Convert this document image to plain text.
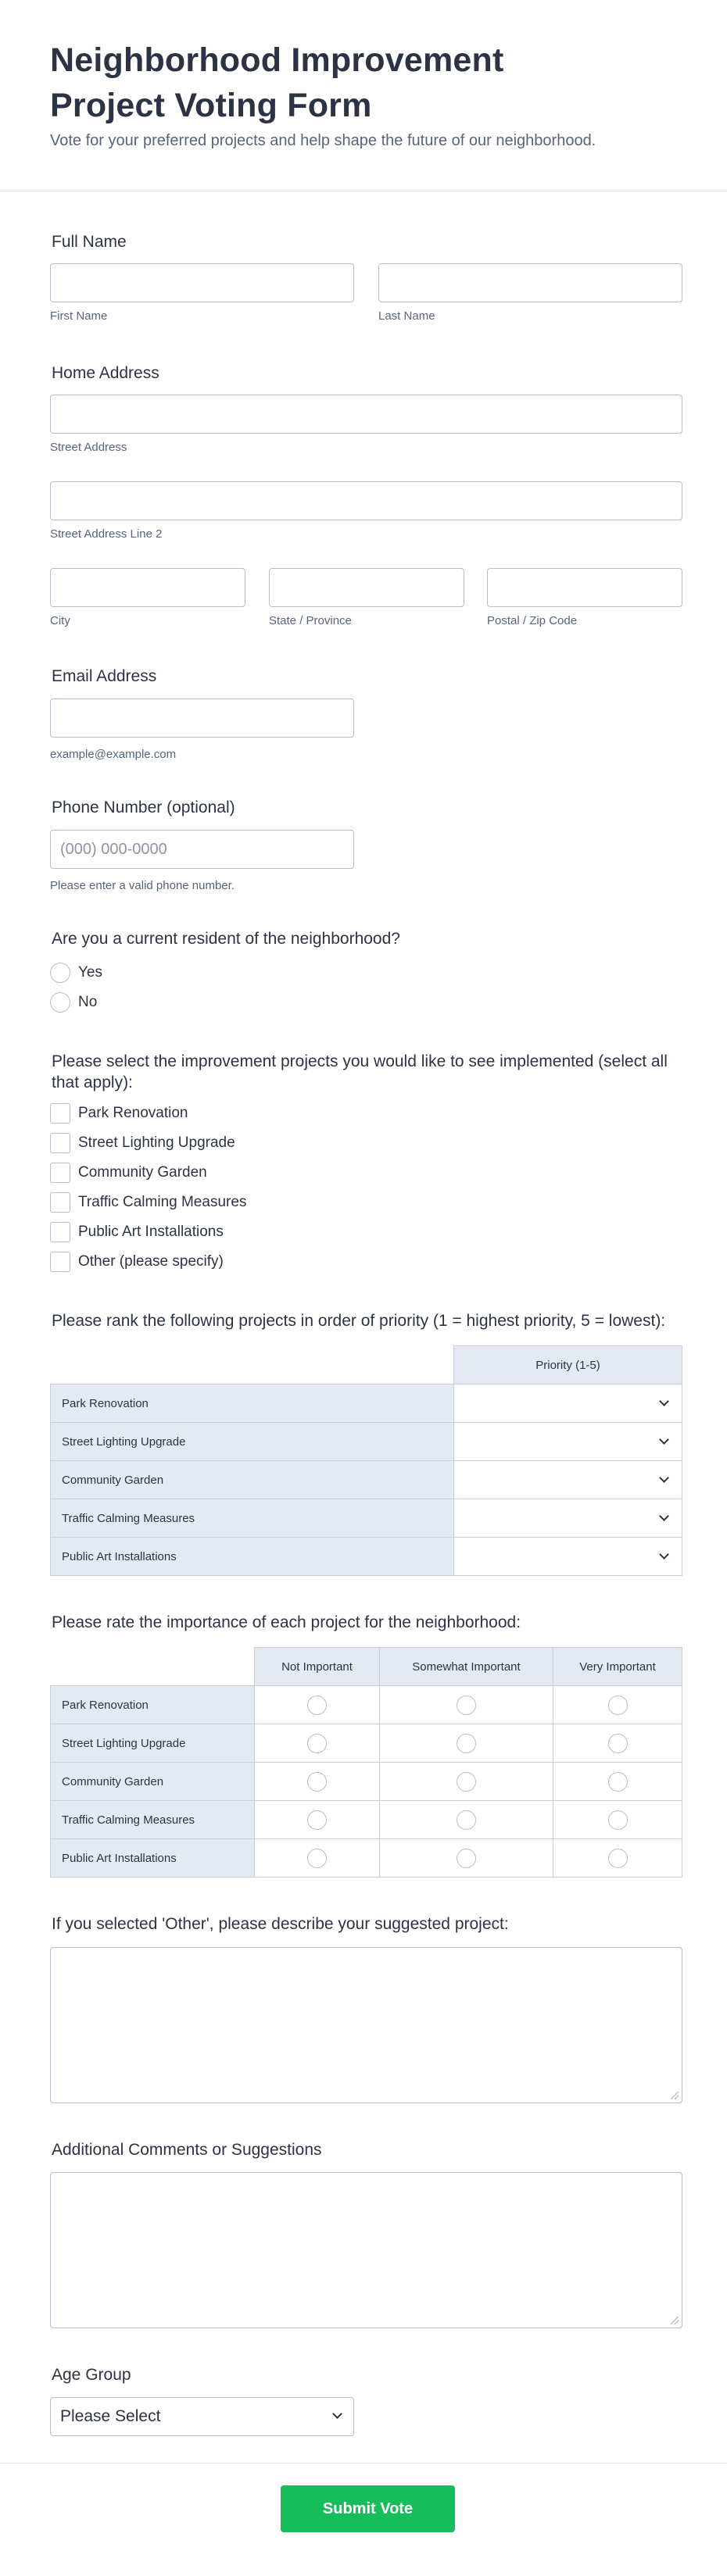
Neighborhood Improvement Project Voting Form
Vote for your preferred projects and help shape the future of our neighborhood.
Full Name
First Name	Last Name
Home Address
Street Address
Street Address Line 2
City	State / Province	Postal / Zip Code
Email Address
example@example.com
Phone Number (optional)
(000) 000-0000
Please enter a valid phone number.
Are you a current resident of the neighborhood?
Yes
No
Please select the improvement projects you would like to see implemented (select all that apply):
Park Renovation
Street Lighting Upgrade
Community Garden
Traffic Calming Measures
Public Art Installations
Other (please specify)
Please rank the following projects in order of priority (1 = highest priority, 5 = lowest):
	Priority (1-5)
Park Renovation	

Street Lighting Upgrade	

Community Garden	

Traffic Calming Measures	

Public Art Installations	
Please rate the importance of each project for the neighborhood:
	Not Important	Somewhat Important	Very Important
Park Renovation			
Street Lighting Upgrade			
Community Garden			
Traffic Calming Measures			
Public Art Installations			
If you selected 'Other', please describe your suggested project:
Additional Comments or Suggestions
Age Group
Please Select
Submit Vote
